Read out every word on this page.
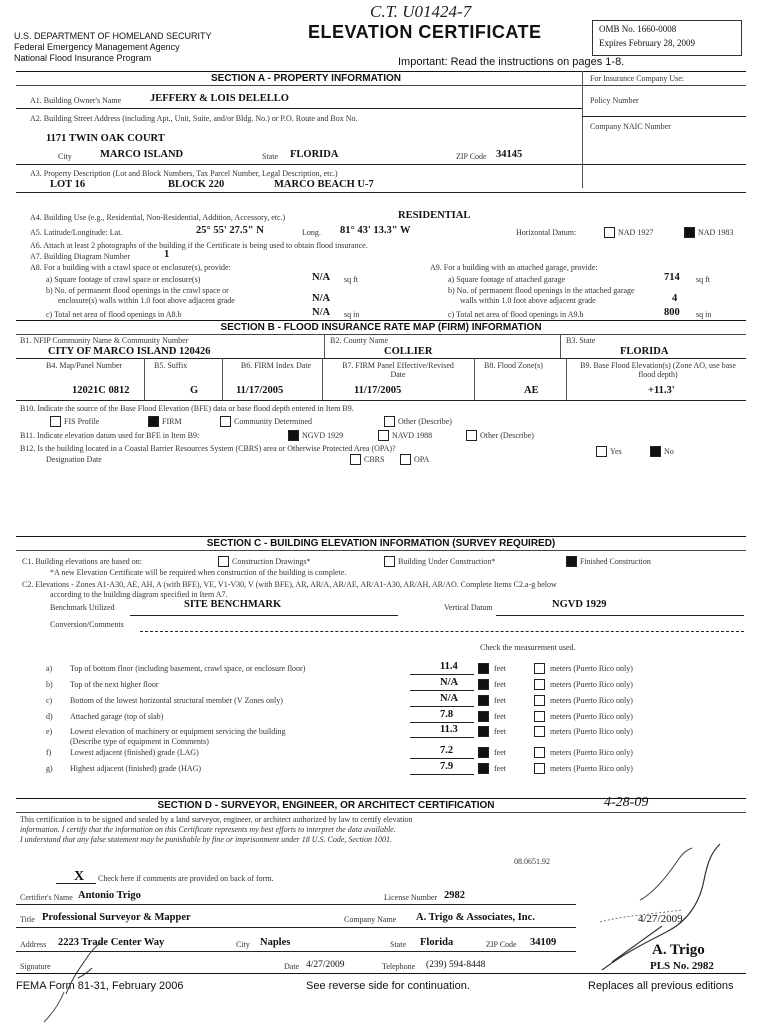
U.S. DEPARTMENT OF HOMELAND SECURITY
Federal Emergency Management Agency
National Flood Insurance Program
ELEVATION CERTIFICATE
C.T. U01424-7
OMB No. 1660-0008
Expires February 28, 2009
Important: Read the instructions on pages 1-8.
SECTION A - PROPERTY INFORMATION	For Insurance Company Use:
Policy Number
Company NAIC Number
A1. Building Owner's Name	JEFFERY & LOIS DELELLO
A2. Building Street Address (including Apt., Unit, Suite, and/or Bldg. No.) or P.O. Route and Box No.
1171 TWIN OAK COURT
City	MARCO ISLAND	State FLORIDA	ZIP Code 34145
A3. Property Description (Lot and Block Numbers, Tax Parcel Number, Legal Description, etc.)
LOT 16	BLOCK 220	MARCO BEACH U-7
A4. Building Use (e.g., Residential, Non-Residential, Addition, Accessory, etc.)	RESIDENTIAL
A5. Latitude/Longitude: Lat.	25° 55' 27.5" N	Long. 81° 43' 13.3" W	Horizontal Datum:	NAD 1927	NAD 1983
A6. Attach at least 2 photographs of the building if the Certificate is being used to obtain flood insurance.
A7. Building Diagram Number	1
A8. For a building with a crawl space or enclosure(s), provide:
a) Square footage of crawl space or enclosure(s)	N/A sq ft
b) No. of permanent flood openings in the crawl space or
enclosure(s) walls within 1.0 foot above adjacent grade	N/A
c) Total net area of flood openings in A8.b	N/A sq in
A9. For a building with an attached garage, provide:
a) Square footage of attached garage	714 sq ft
b) No. of permanent flood openings in the attached garage
walls within 1.0 foot above adjacent grade	4
c) Total net area of flood openings in A9.b	800 sq in
SECTION B - FLOOD INSURANCE RATE MAP (FIRM) INFORMATION
B1. NFIP Community Name & Community Number
CITY OF MARCO ISLAND 120426
B2. County Name
COLLIER
B3. State
FLORIDA
B4. Map/Panel Number
12021C 0812
B5. Suffix
G
B6. FIRM Index Date
11/17/2005
B7. FIRM Panel Effective/Revised Date
11/17/2005
B8. Flood Zone(s)
AE
B9. Base Flood Elevation(s) (Zone AO, use base flood depth)
+11.3'
B10. Indicate the source of the Base Flood Elevation (BFE) data or base flood depth entered in Item B9.
FIS Profile	FIRM	Community Determined	Other (Describe)
B11. Indicate elevation datum used for BFE in Item B9:	NGVD 1929	NAVD 1988	Other (Describe)
B12. Is the building located in a Coastal Barrier Resources System (CBRS) area or Otherwise Protected Area (OPA)?
Designation Date	CBRS	OPA
Yes	No
SECTION C - BUILDING ELEVATION INFORMATION (SURVEY REQUIRED)
C1. Building elevations are based on:	Construction Drawings*	Building Under Construction*	Finished Construction
*A new Elevation Certificate will be required when construction of the building is complete.
C2. Elevations - Zones A1-A30, AE, AH, A (with BFE), VE, V1-V30, V (with BFE), AR, AR/A, AR/AE, AR/A1-A30, AR/AH, AR/AO. Complete Items C2.a-g below
according to the building diagram specified in Item A7.
Benchmark Utilized	SITE BENCHMARK	Vertical Datum	NGVD 1929
Conversion/Comments
Check the measurement used.
a) Top of bottom floor (including basement, crawl space, or enclosure floor)	11.4	feet	meters (Puerto Rico only)
b) Top of the next higher floor	N/A	feet	meters (Puerto Rico only)
c) Bottom of the lowest horizontal structural member (V Zones only)	N/A	feet	meters (Puerto Rico only)
d) Attached garage (top of slab)	7.8	feet	meters (Puerto Rico only)
e) Lowest elevation of machinery or equipment servicing the building
(Describe type of equipment in Comments)
11.3	feet	meters (Puerto Rico only)
f) Lowest adjacent (finished) grade (LAG)	7.2	feet	meters (Puerto Rico only)
g) Highest adjacent (finished) grade (HAG)	7.9	feet	meters (Puerto Rico only)
SECTION D - SURVEYOR, ENGINEER, OR ARCHITECT CERTIFICATION	4-28-09
This certification is to be signed and sealed by a land surveyor, engineer, or architect authorized by law to certify elevation
information. I certify that the information on this Certificate represents my best efforts to interpret the data available.
I understand that any false statement may be punishable by fine or imprisonment under 18 U.S. Code, Section 1001.
08.0651.92
4/27/2009
A. Trigo
PLS No. 2982
X Check here if comments are provided on back of form.
Certifier's Name Antonio Trigo	License Number 2982
Title Professional Surveyor & Mapper	Company Name A. Trigo & Associates, Inc.
Address 2223 Trade Center Way	City Naples	State Florida	ZIP Code 34109
Signature	Date 4/27/2009	Telephone (239) 594-8448
FEMA Form 81-31, February 2006	See reverse side for continuation.	Replaces all previous editions
